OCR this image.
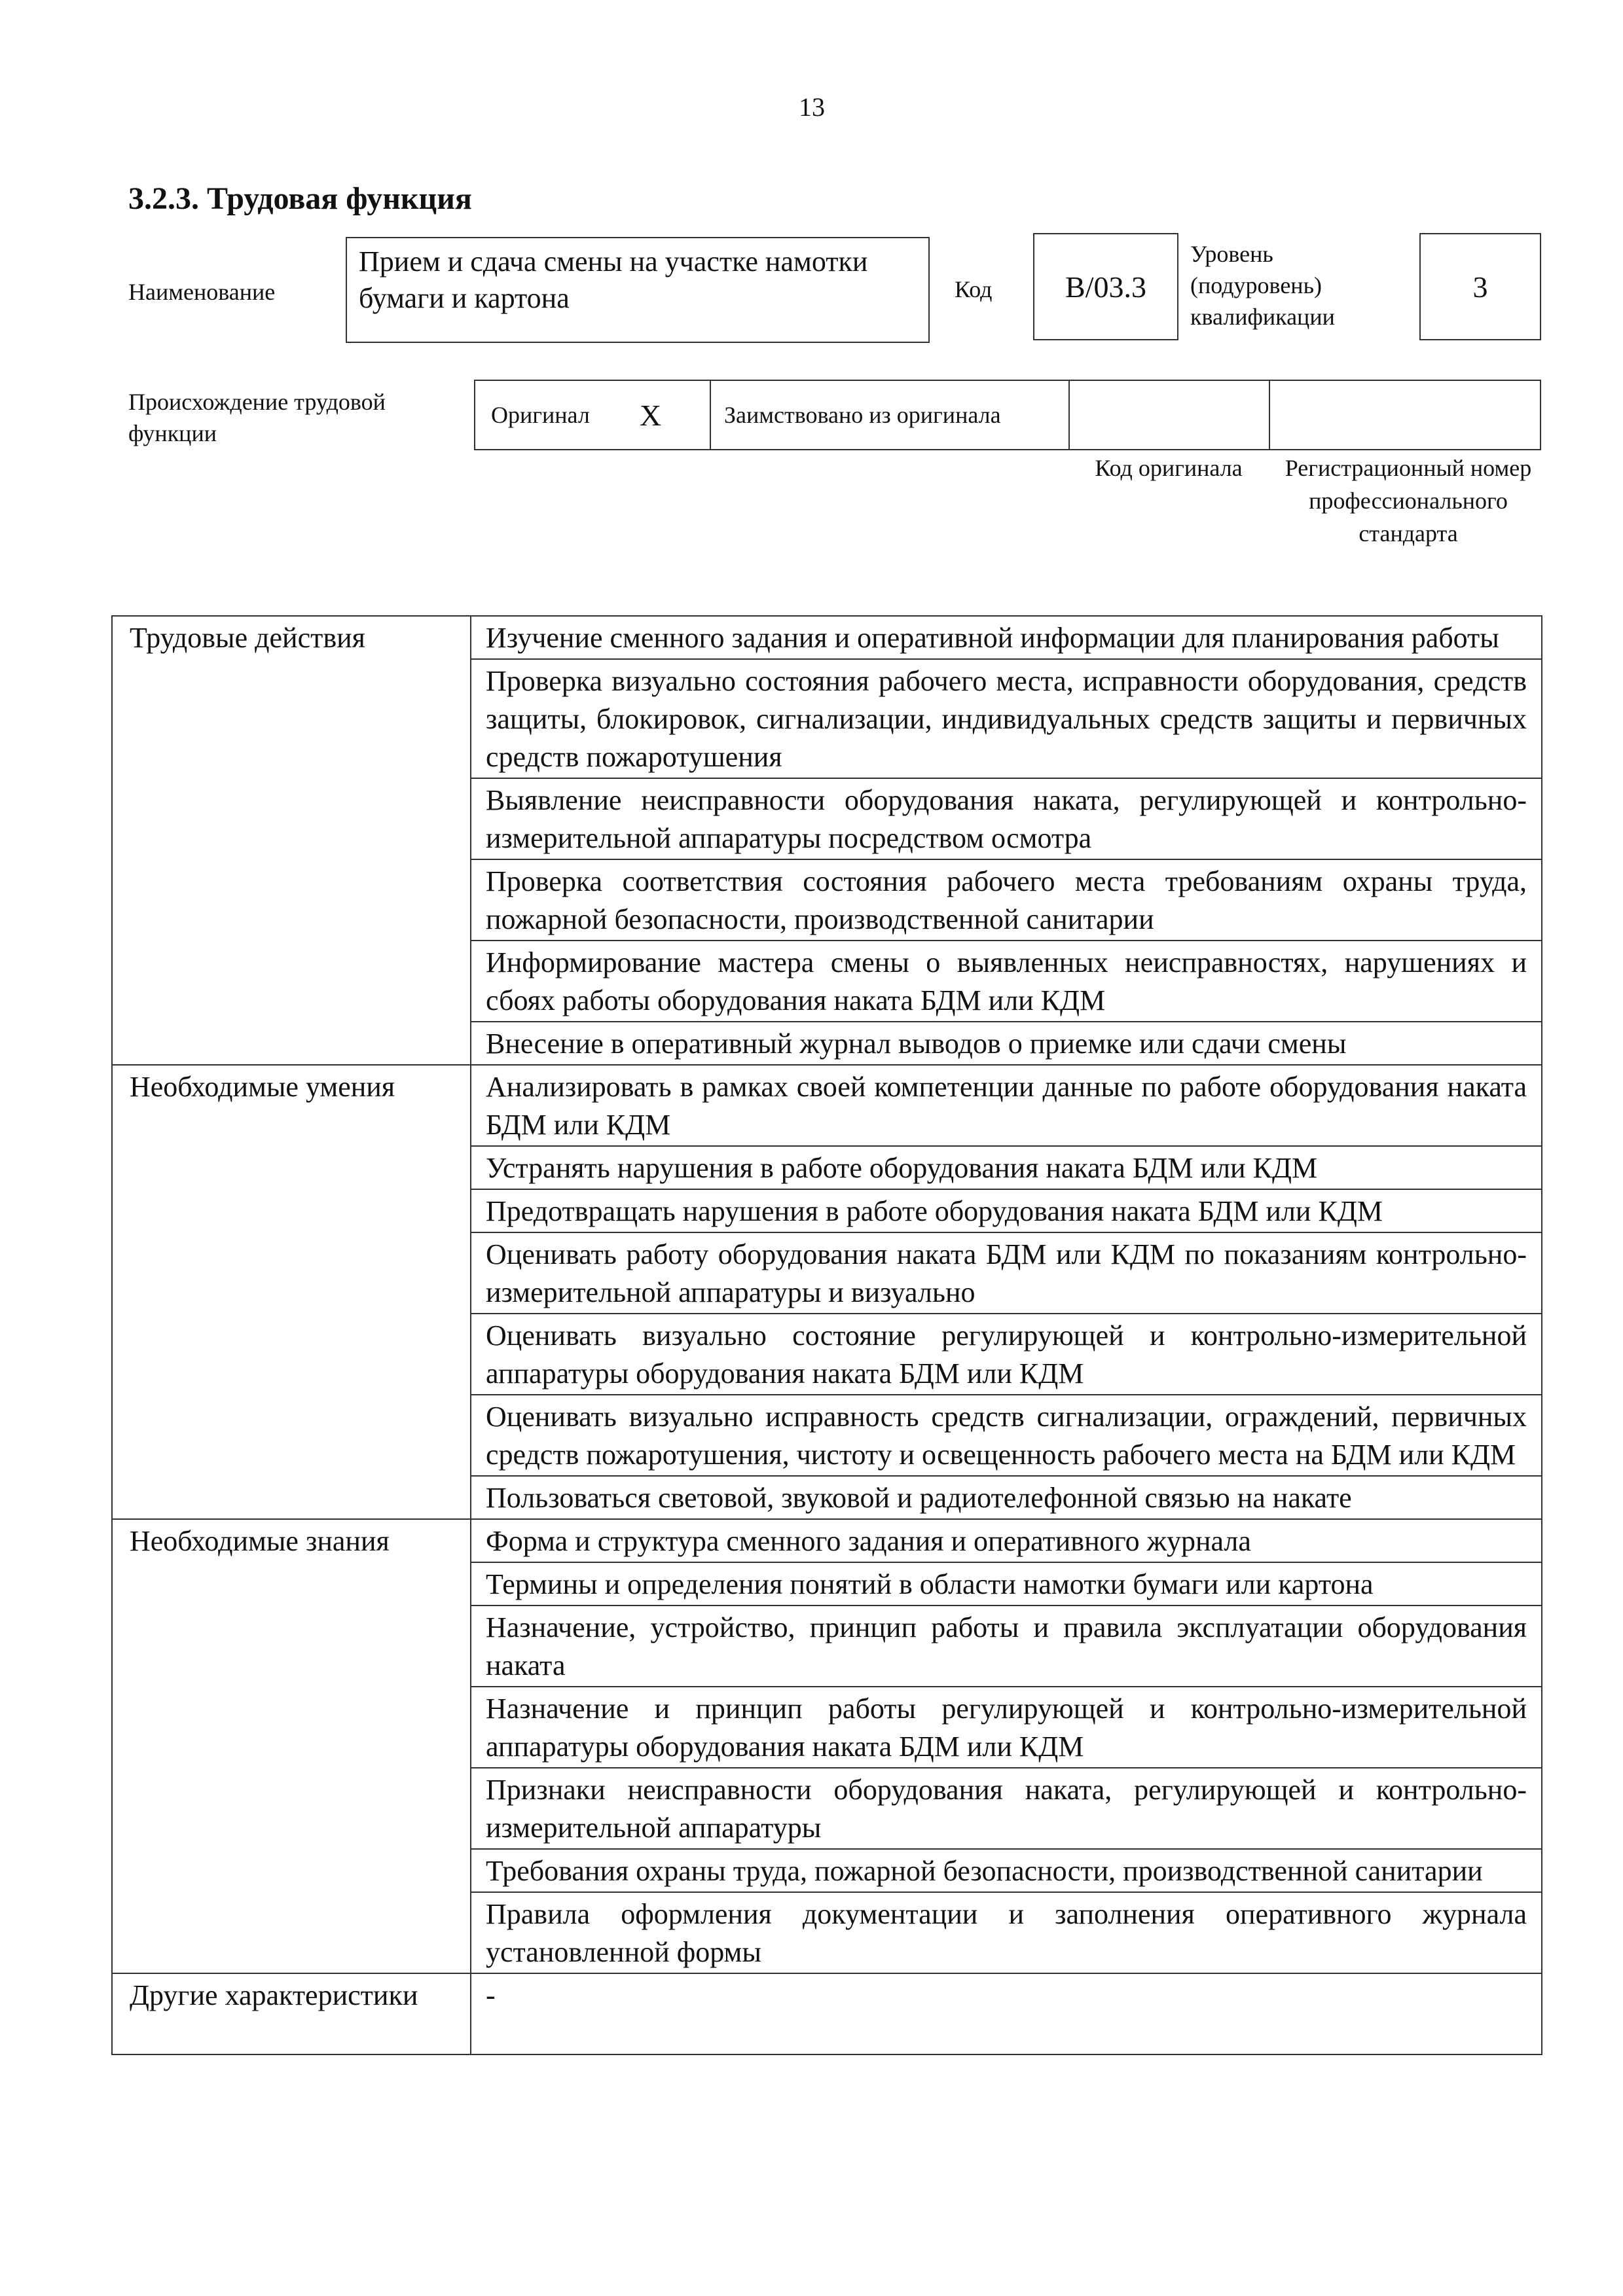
13
3.2.3. Трудовая функция
Наименование
Прием и сдача смены на участке намотки бумаги и картона	Код	B/03.3
Уровень (подуровень) квалификации
3
Происхождение трудовой функции
Оригинал X	Заимствовано из оригинала
Код оригинала	Регистрационный номер профессионального стандарта
Трудовые действия	Изучение сменного задания и оперативной информации для планирования работы
	Проверка визуально состояния рабочего места, исправности оборудования, средств защиты, блокировок, сигнализации, индивидуальных средств защиты и первичных средств пожаротушения
	Выявление неисправности оборудования наката, регулирующей и контрольно-измерительной аппаратуры посредством осмотра
	Проверка соответствия состояния рабочего места требованиям охраны труда, пожарной безопасности, производственной санитарии
	Информирование мастера смены о выявленных неисправностях, нарушениях и сбоях работы оборудования наката БДМ или КДМ
	Внесение в оперативный журнал выводов о приемке или сдачи смены
Необходимые умения	Анализировать в рамках своей компетенции данные по работе оборудования наката БДМ или КДМ
	Устранять нарушения в работе оборудования наката БДМ или КДМ
	Предотвращать нарушения в работе оборудования наката БДМ или КДМ
	Оценивать работу оборудования наката БДМ или КДМ по показаниям контрольно-измерительной аппаратуры и визуально
	Оценивать визуально состояние регулирующей и контрольно-измерительной аппаратуры оборудования наката БДМ или КДМ
	Оценивать визуально исправность средств сигнализации, ограждений, первичных средств пожаротушения, чистоту и освещенность рабочего места на БДМ или КДМ
	Пользоваться световой, звуковой и радиотелефонной связью на накате
Необходимые знания	Форма и структура сменного задания и оперативного журнала
	Термины и определения понятий в области намотки бумаги или картона
	Назначение, устройство, принцип работы и правила эксплуатации оборудования наката
	Назначение и принцип работы регулирующей и контрольно-измерительной аппаратуры оборудования наката БДМ или КДМ
	Признаки неисправности оборудования наката, регулирующей и контрольно-измерительной аппаратуры
	Требования охраны труда, пожарной безопасности, производственной санитарии
	Правила оформления документации и заполнения оперативного журнала установленной формы
Другие характеристики	-
